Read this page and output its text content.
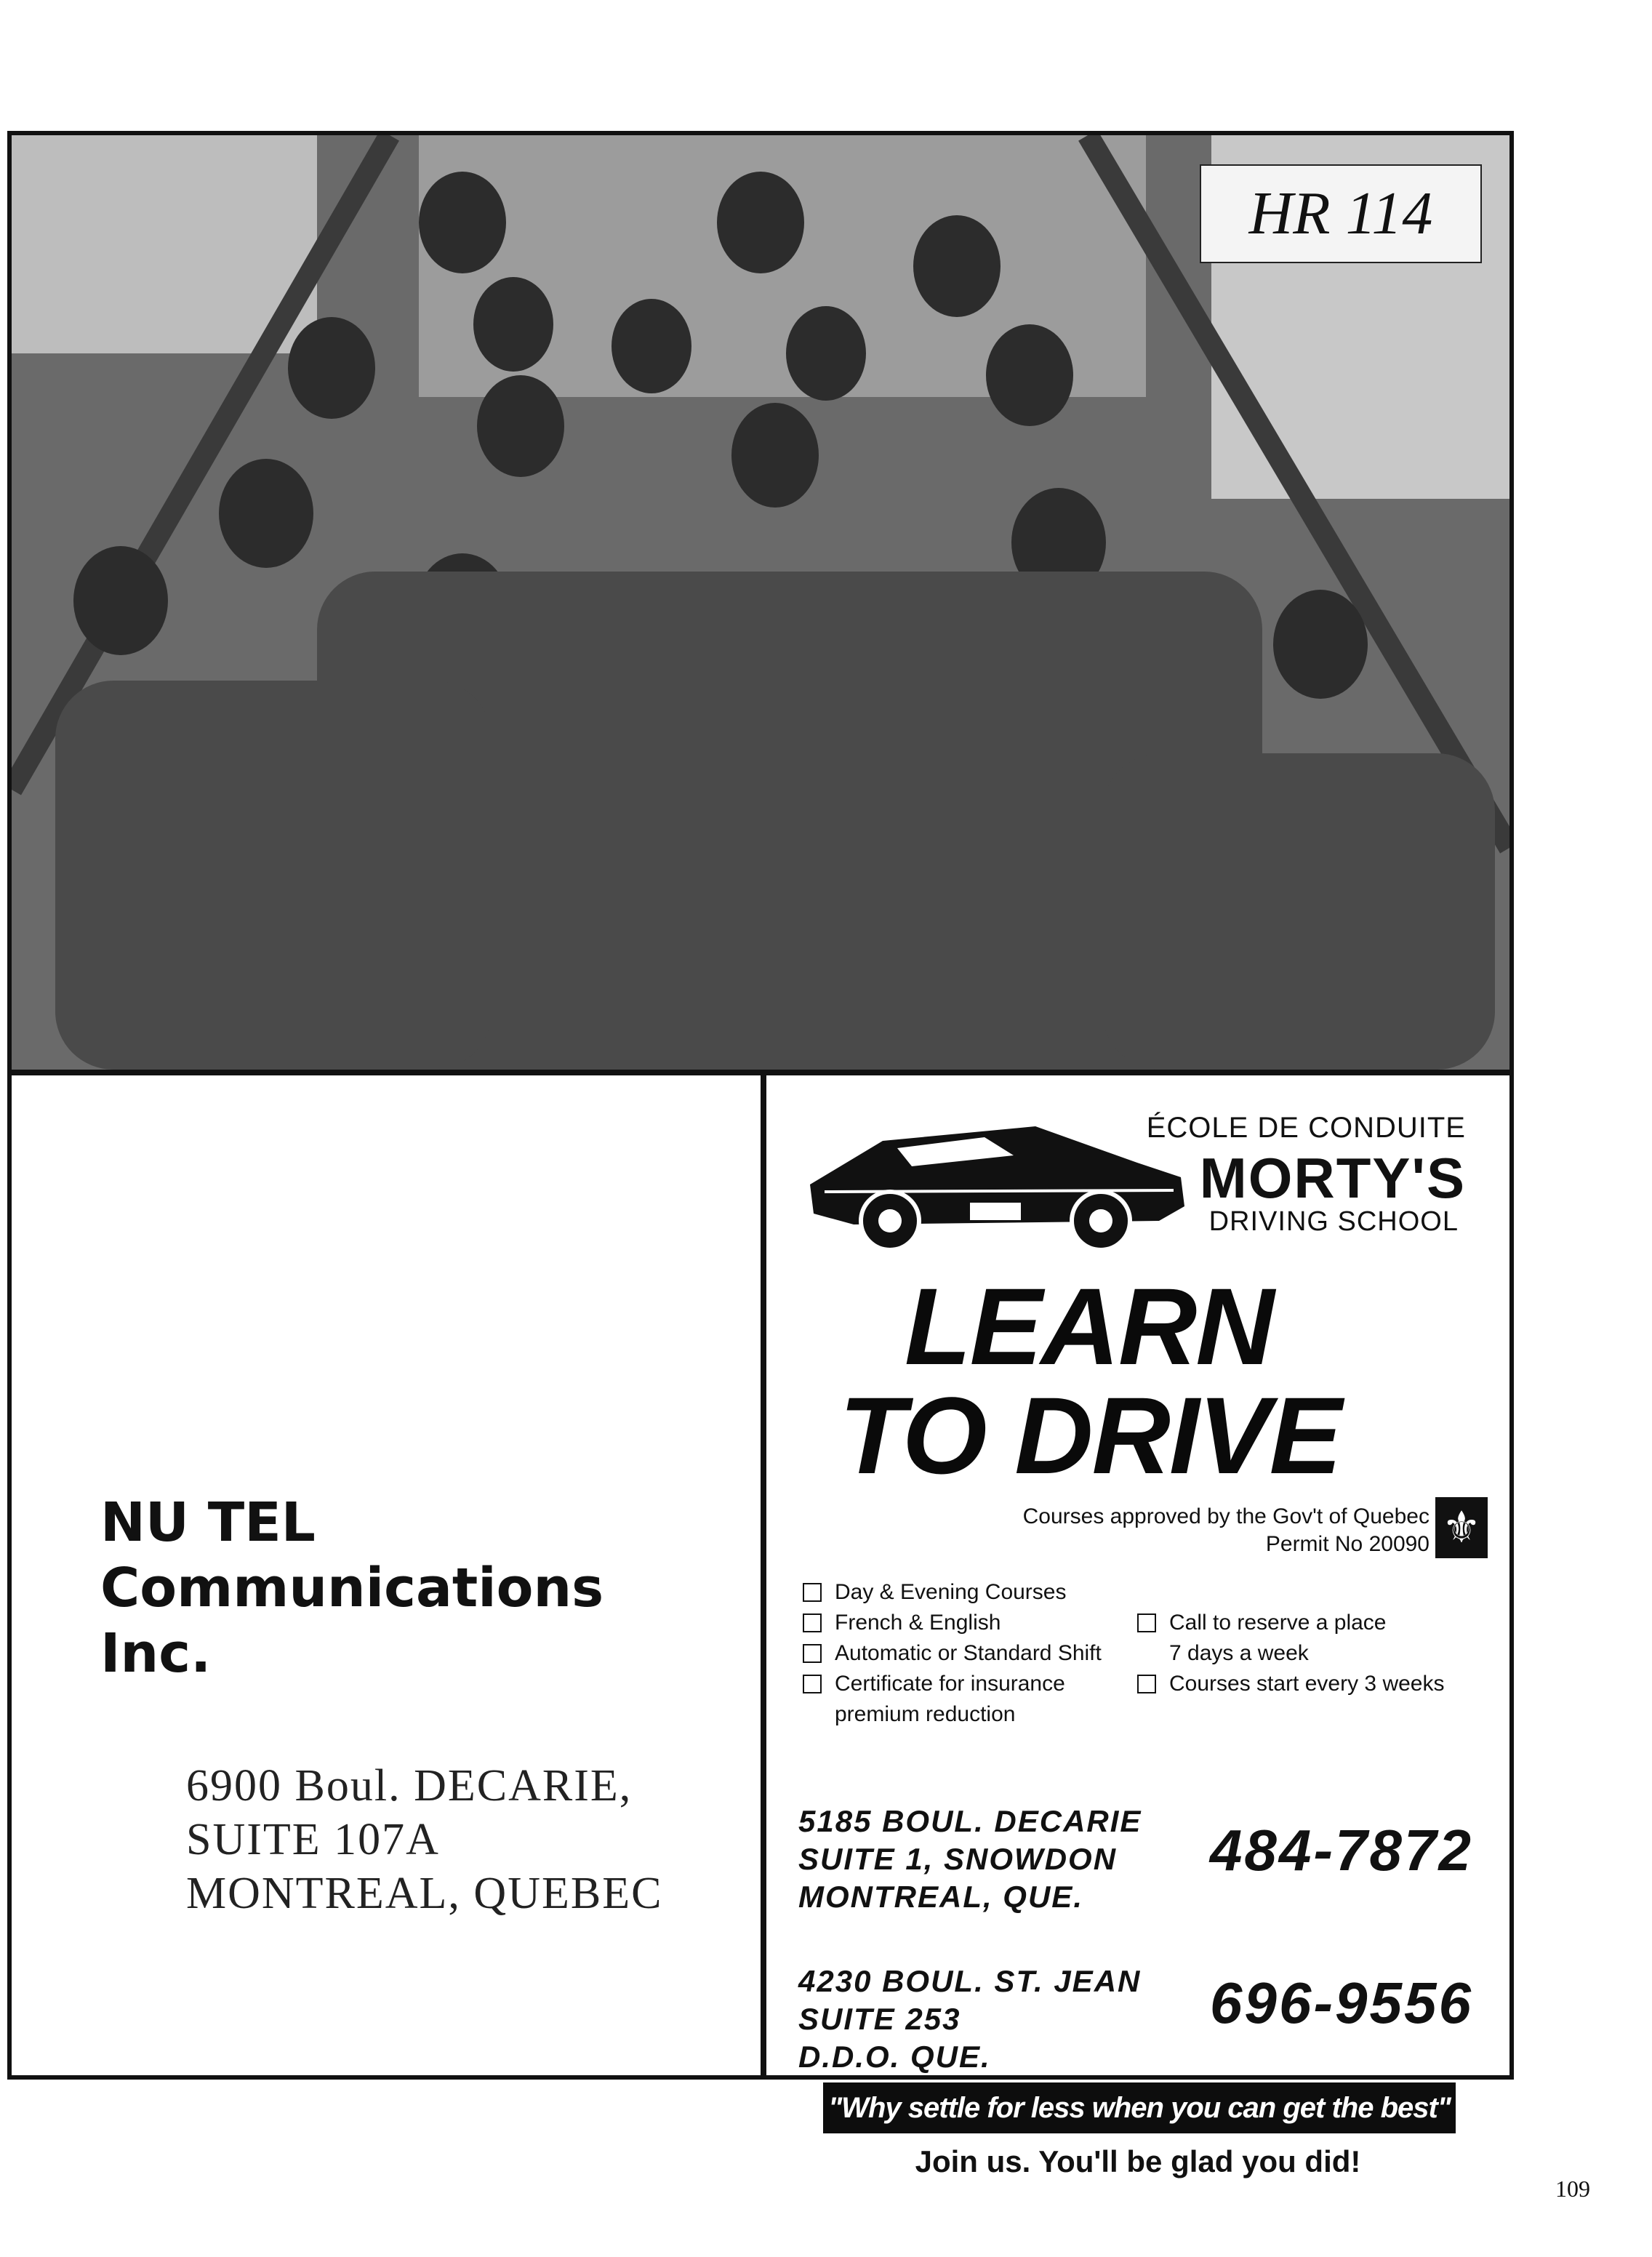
HR 114
NU TEL
Communications Inc.
6900 Boul. DECARIE,
SUITE 107A
MONTREAL, QUEBEC
ÉCOLE DE CONDUITE
MORTY'S
DRIVING SCHOOL
LEARN
TO DRIVE
Courses approved by the Gov't of Quebec
Permit No 20090 ⚜
Day & Evening Courses
French & English
Automatic or Standard Shift
Certificate for insurance
premium reduction
Call to reserve a place
7 days a week
Courses start every 3 weeks
5185 BOUL. DECARIE
SUITE 1, SNOWDON
MONTREAL, QUE.
484-7872
4230 BOUL. ST. JEAN
SUITE 253
D.D.O. QUE.
696-9556
"Why settle for less when you can get the best"
Join us. You'll be glad you did!
109
